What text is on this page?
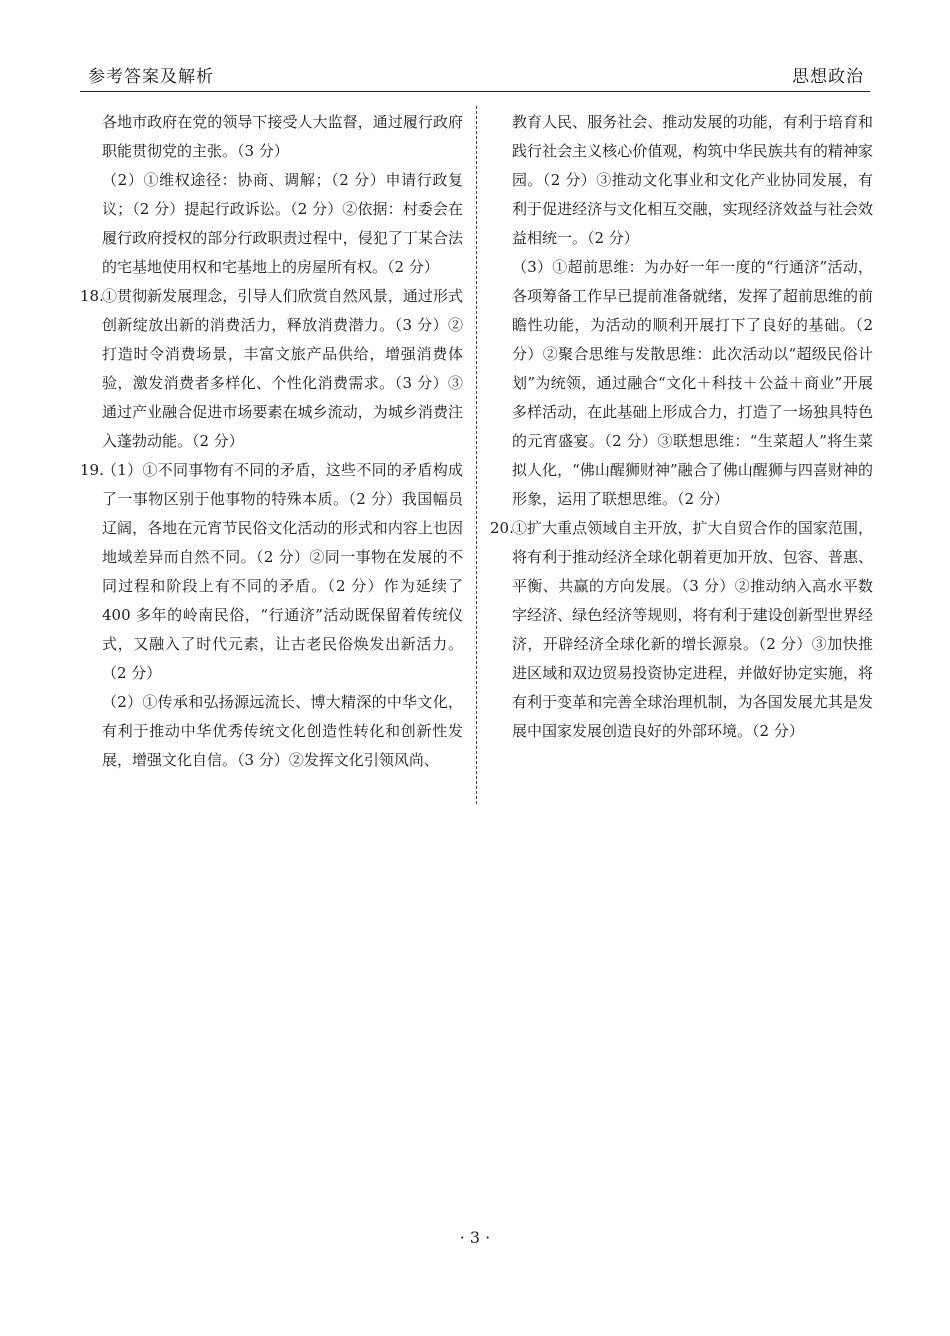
参考答案及解析	思想政治

各地市政府在党的领导下接受人大监督，通过履行政府职能贯彻党的主张。（3 分）

（2）①维权途径：协商、调解；（2 分）申请行政复议；（2 分）提起行政诉讼。（2 分）②依据：村委会在履行政府授权的部分行政职责过程中，侵犯了丁某合法的宅基地使用权和宅基地上的房屋所有权。（2 分）

18.
①贯彻新发展理念，引导人们欣赏自然风景，通过形式创新绽放出新的消费活力，释放消费潜力。（3 分）②打造时令消费场景，丰富文旅产品供给，增强消费体验，激发消费者多样化、个性化消费需求。（3 分）③通过产业融合促进市场要素在城乡流动，为城乡消费注入蓬勃动能。（2 分）
19.
（1）①不同事物有不同的矛盾，这些不同的矛盾构成了一事物区别于他事物的特殊本质。（2 分）我国幅员辽阔，各地在元宵节民俗文化活动的形式和内容上也因地域差异而自然不同。（2 分）②同一事物在发展的不同过程和阶段上有不同的矛盾。（2 分）作为延续了 400 多年的岭南民俗，“行通济”活动既保留着传统仪式，又融入了时代元素，让古老民俗焕发出新活力。（2 分）

（2）①传承和弘扬源远流长、博大精深的中华文化，有利于推动中华优秀传统文化创造性转化和创新性发展，增强文化自信。（3 分）②发挥文化引领风尚、

教育人民、服务社会、推动发展的功能，有利于培育和践行社会主义核心价值观，构筑中华民族共有的精神家园。（2 分）③推动文化事业和文化产业协同发展，有利于促进经济与文化相互交融，实现经济效益与社会效益相统一。（2 分）

（3）①超前思维：为办好一年一度的“行通济”活动，各项筹备工作早已提前准备就绪，发挥了超前思维的前瞻性功能，为活动的顺利开展打下了良好的基础。（2 分）②聚合思维与发散思维：此次活动以“超级民俗计划”为统领，通过融合“文化＋科技＋公益＋商业”开展多样活动，在此基础上形成合力，打造了一场独具特色的元宵盛宴。（2 分）③联想思维：“生菜超人”将生菜拟人化，“佛山醒狮财神”融合了佛山醒狮与四喜财神的形象，运用了联想思维。（2 分）

20.
①扩大重点领域自主开放，扩大自贸合作的国家范围，将有利于推动经济全球化朝着更加开放、包容、普惠、平衡、共赢的方向发展。（3 分）②推动纳入高水平数字经济、绿色经济等规则，将有利于建设创新型世界经济，开辟经济全球化新的增长源泉。（2 分）③加快推进区域和双边贸易投资协定进程，并做好协定实施，将有利于变革和完善全球治理机制，为各国发展尤其是发展中国家发展创造良好的外部环境。（2 分）
· 3 ·
